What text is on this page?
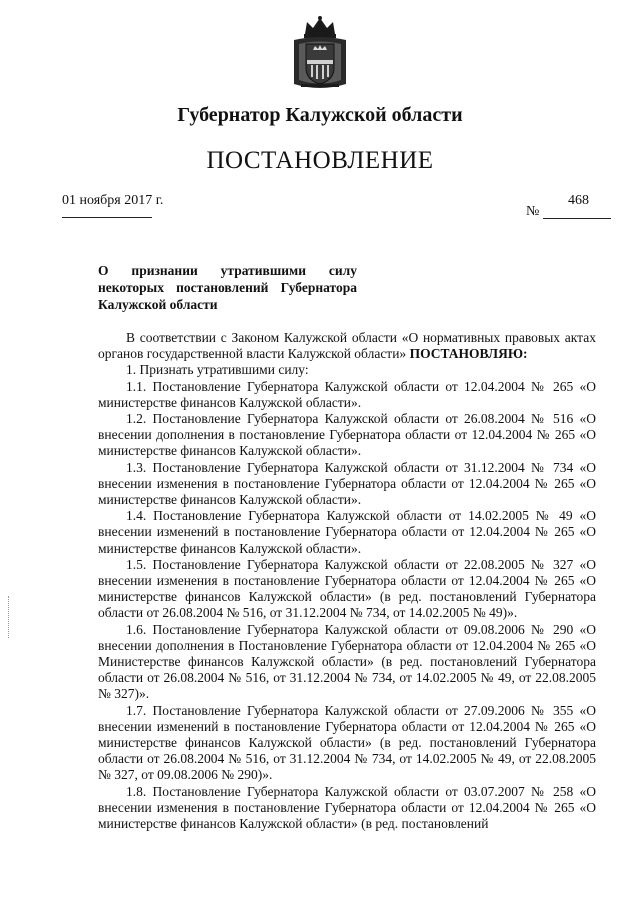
Губернатор Калужской области
ПОСТАНОВЛЕНИЕ
01 ноября 2017 г.	468
№
О признании утратившими силу
некоторых постановлений Губернатора
Калужской области

В соответствии с Законом Калужской области «О нормативных правовых актах органов государственной власти Калужской области» ПОСТАНОВЛЯЮ:

1. Признать утратившими силу:

1.1. Постановление Губернатора Калужской области от 12.04.2004 № 265 «О министерстве финансов Калужской области».

1.2. Постановление Губернатора Калужской области от 26.08.2004 № 516 «О внесении дополнения в постановление Губернатора области от 12.04.2004 № 265 «О министерстве финансов Калужской области».

1.3. Постановление Губернатора Калужской области от 31.12.2004 № 734 «О внесении изменения в постановление Губернатора области от 12.04.2004 № 265 «О министерстве финансов Калужской области».

1.4. Постановление Губернатора Калужской области от 14.02.2005 № 49 «О внесении изменений в постановление Губернатора области от 12.04.2004 № 265 «О министерстве финансов Калужской области».

1.5. Постановление Губернатора Калужской области от 22.08.2005 № 327 «О внесении изменения в постановление Губернатора области от 12.04.2004 № 265 «О министерстве финансов Калужской области» (в ред. постановлений Губернатора области от 26.08.2004 № 516, от 31.12.2004 № 734, от 14.02.2005 № 49)».

1.6. Постановление Губернатора Калужской области от 09.08.2006 № 290 «О внесении дополнения в Постановление Губернатора области от 12.04.2004 № 265 «О Министерстве финансов Калужской области» (в ред. постановлений Губернатора области от 26.08.2004 № 516, от 31.12.2004 № 734, от 14.02.2005 № 49, от 22.08.2005 № 327)».

1.7. Постановление Губернатора Калужской области от 27.09.2006 № 355 «О внесении изменений в постановление Губернатора области от 12.04.2004 № 265 «О министерстве финансов Калужской области» (в ред. постановлений Губернатора области от 26.08.2004 № 516, от 31.12.2004 № 734, от 14.02.2005 № 49, от 22.08.2005 № 327, от 09.08.2006 № 290)».

1.8. Постановление Губернатора Калужской области от 03.07.2007 № 258 «О внесении изменения в постановление Губернатора области от 12.04.2004 № 265 «О министерстве финансов Калужской области» (в ред. постановлений
